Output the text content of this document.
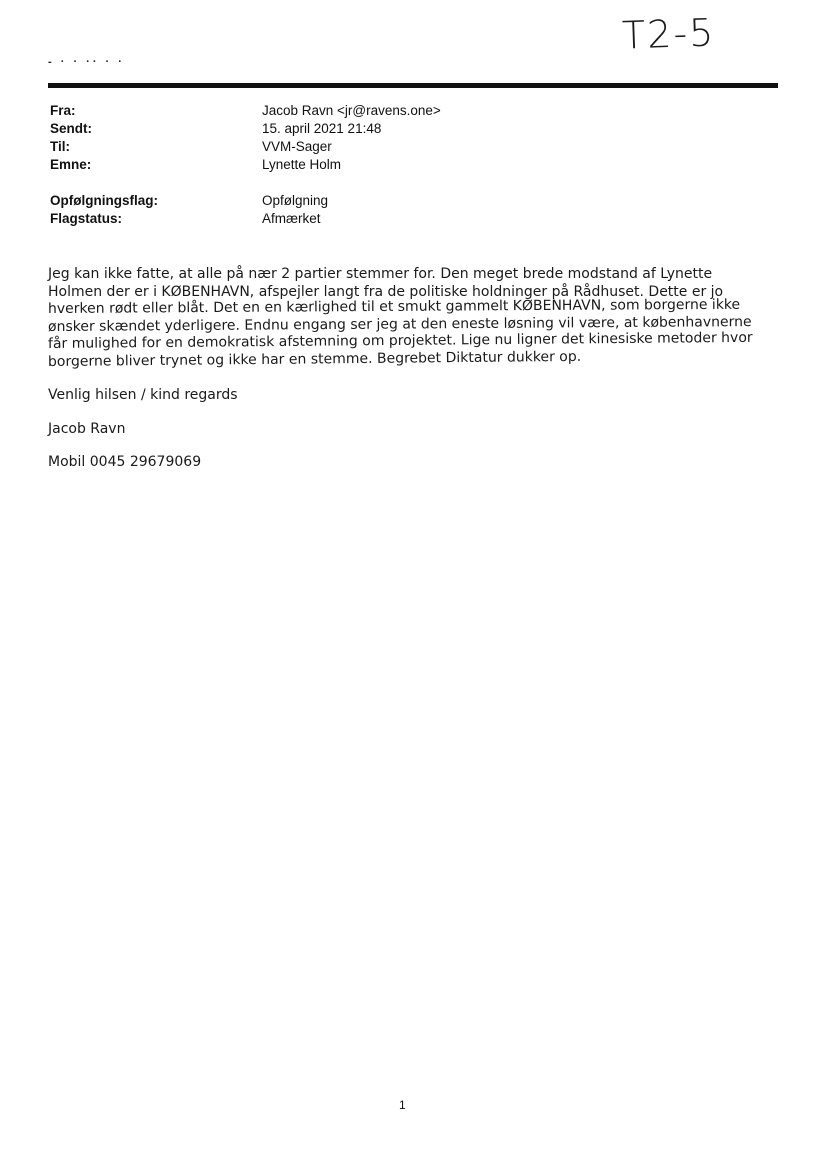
T2-5
- · · ·· · ·
Fra:	Jacob Ravn <jr@ravens.one>
Sendt:	15. april 2021 21:48
Til:	VVM-Sager
Emne:	Lynette Holm
Opfølgningsflag:	Opfølgning
Flagstatus:	Afmærket

Jeg kan ikke fatte, at alle på nær 2 partier stemmer for. Den meget brede modstand af Lynette
Holmen der er i KØBENHAVN, afspejler langt fra de politiske holdninger på Rådhuset. Dette er jo
hverken rødt eller blåt. Det en en kærlighed til et smukt gammelt KØBENHAVN, som borgerne ikke
ønsker skændet yderligere. Endnu engang ser jeg at den eneste løsning vil være, at københavnerne
får mulighed for en demokratisk afstemning om projektet. Lige nu ligner det kinesiske metoder hvor
borgerne bliver trynet og ikke har en stemme. Begrebet Diktatur dukker op.

Venlig hilsen / kind regards

Jacob Ravn

Mobil 0045 29679069

1
